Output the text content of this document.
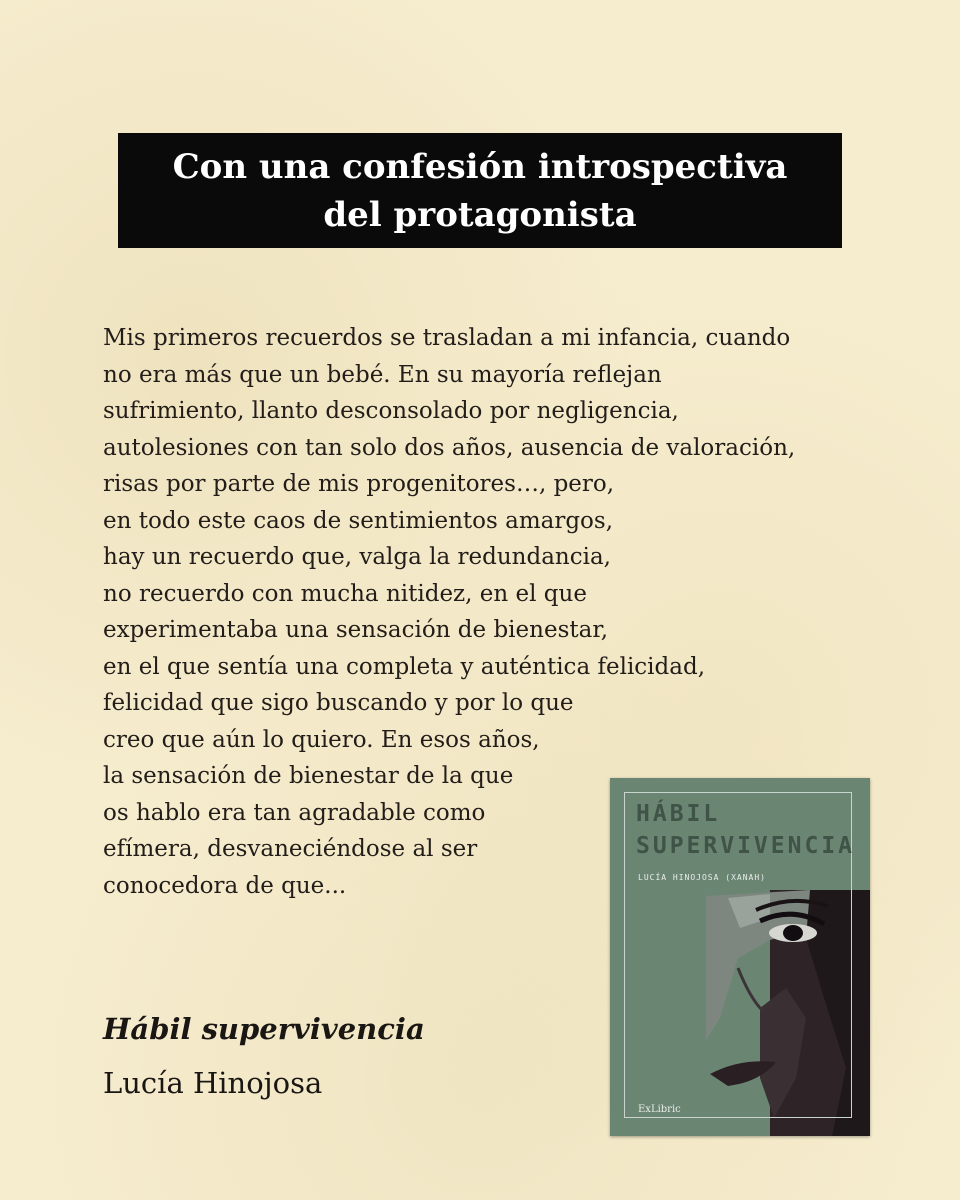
Con una confesión introspectiva
del protagonista
Mis primeros recuerdos se trasladan a mi infancia, cuando
no era más que un bebé. En su mayoría reflejan
sufrimiento, llanto desconsolado por negligencia,
autolesiones con tan solo dos años, ausencia de valoración,
risas por parte de mis progenitores…, pero,
en todo este caos de sentimientos amargos,
hay un recuerdo que, valga la redundancia,
no recuerdo con mucha nitidez, en el que
experimentaba una sensación de bienestar,
en el que sentía una completa y auténtica felicidad,
felicidad que sigo buscando y por lo que
creo que aún lo quiero. En esos años,
la sensación de bienestar de la que
os hablo era tan agradable como
efímera, desvaneciéndose al ser
conocedora de que...
Hábil supervivencia
Lucía Hinojosa
HÁBIL
SUPERVIVENCIA
LUCÍA HINOJOSA (XANAH)
ExLibric
